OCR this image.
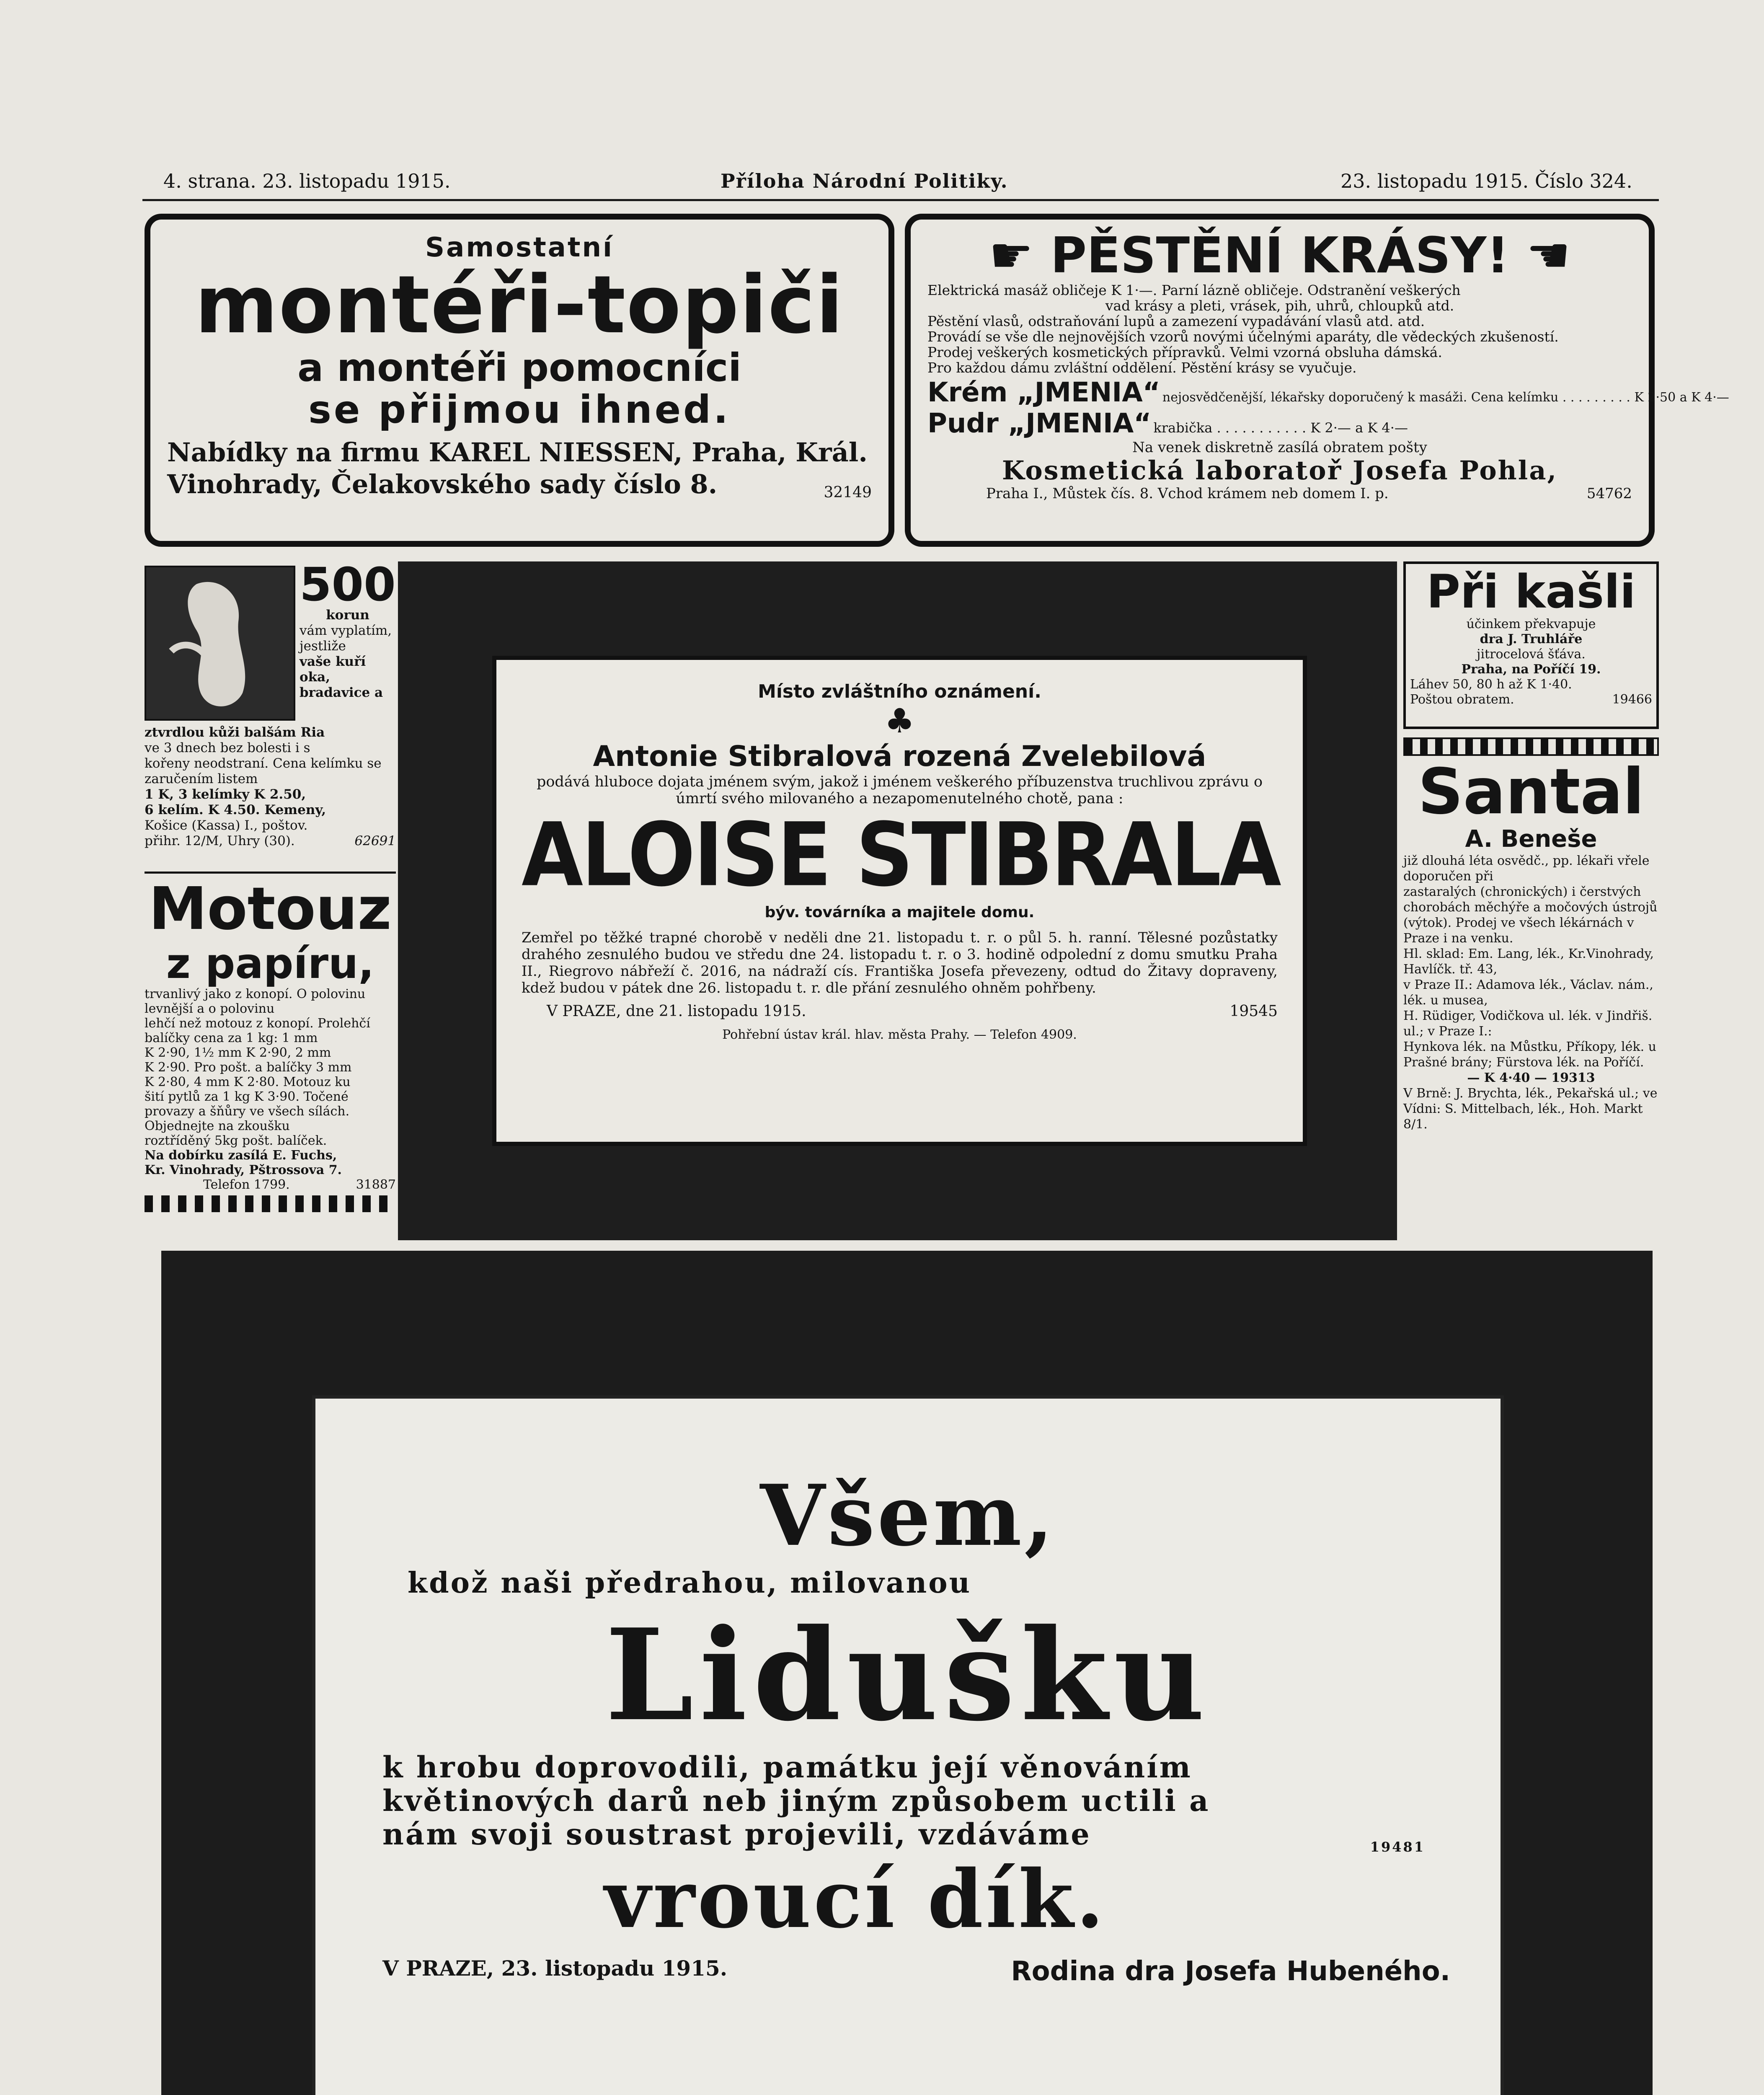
4. strana. 23. listopadu 1915.	Příloha Národní Politiky.	23. listopadu 1915. Číslo 324.
Samostatní
montéři-topiči
a montéři pomocníci
se přijmou ihned.
Nabídky na firmu KAREL NIESSEN, Praha, Král.
Vinohrady, Čelakovského sady číslo 8.	32149
☛ PĚSTĚNÍ KRÁSY! ☚
Elektrická masáž obličeje K 1·—. Parní lázně obličeje. Odstranění veškerých
vad krásy a pleti, vrásek, pih, uhrů, chloupků atd.
Pěstění vlasů, odstraňování lupů a zamezení vypadávání vlasů atd. atd.
Provádí se vše dle nejnovějších vzorů novými účelnými aparáty, dle vědeckých zkušeností.
Prodej veškerých kosmetických přípravků. Velmi vzorná obsluha dámská.
Pro každou dámu zvláštní oddělení. Pěstění krásy se vyučuje.
Krém „JMENIA“ nejosvědčenější, lékařsky doporučený k masáži. Cena kelímku . . . . . . . . . K 2·50 a K 4·—
Pudr „JMENIA“ krabička . . . . . . . . . . . K 2·— a K 4·—
Na venek diskretně zasílá obratem pošty
Kosmetická laboratoř Josefa Pohla,
Praha I., Můstek čís. 8. Vchod krámem neb domem I. p.	54762
500
korun
vám vyplatím, jestliže
vaše kuří oka, bradavice a
ztvrdlou kůži balšám Ria
ve 3 dnech bez bolesti i s
kořeny neodstraní. Cena kelímku se zaručením listem
1 K, 3 kelímky K 2.50,
6 kelím. K 4.50. Kemeny,
Košice (Kassa) I., poštov.
přihr. 12/M, Uhry (30).	62691
Motouz
z papíru,
trvanlivý jako z konopí. O polovinu levnější a o polovinu
lehčí než motouz z konopí. Prolehčí balíčky cena za 1 kg: 1 mm
K 2·90, 1½ mm K 2·90, 2 mm
K 2·90. Pro pošt. a balíčky 3 mm
K 2·80, 4 mm K 2·80. Motouz ku
šití pytlů za 1 kg K 3·90. Točené
provazy a šňůry ve všech sílách. Objednejte na zkoušku
roztříděný 5kg pošt. balíček.
Na dobírku zasílá E. Fuchs,
Kr. Vinohrady, Pštrossova 7.
Telefon 1799.	31887
Místo zvláštního oznámení.
♣
Antonie Stibralová rozená Zvelebilová
podává hluboce dojata jménem svým, jakož i jménem veškerého příbuzenstva truchlivou zprávu o úmrtí svého milovaného a nezapomenutelného chotě, pana :
ALOISE STIBRALA
býv. továrníka a majitele domu.
Zemřel po těžké trapné chorobě v neděli dne 21. listopadu t. r. o půl 5. h. ranní. Tělesné pozůstatky drahého zesnulého budou ve středu dne 24. listopadu t. r. o 3. hodině odpolední z domu smutku Praha II., Riegrovo nábřeží č. 2016, na nádraží cís. Františka Josefa převezeny, odtud do Žitavy dopraveny, kdež budou v pátek dne 26. listopadu t. r. dle přání zesnulého ohněm pohřbeny.
V PRAZE, dne 21. listopadu 1915.	19545
Pohřební ústav král. hlav. města Prahy. — Telefon 4909.
Při kašli
účinkem překvapuje
dra J. Truhláře
jitrocelová šťáva.
Praha, na Poříčí 19.
Láhev 50, 80 h až K 1·40.
Poštou obratem.	19466
Santal
A. Beneše
již dlouhá léta osvědč., pp. lékaři vřele doporučen při
zastaralých (chronických) i čerstvých chorobách měchýře a močových ústrojů
(výtok). Prodej ve všech lékárnách v Praze i na venku.
Hl. sklad: Em. Lang, lék., Kr.Vinohrady, Havlíčk. tř. 43,
v Praze II.: Adamova lék., Václav. nám., lék. u musea,
H. Rüdiger, Vodičkova ul. lék. v Jindřiš. ul.; v Praze I.:
Hynkova lék. na Můstku, Příkopy, lék. u Prašné brány; Fürstova lék. na Poříčí.
— K 4·40 — 19313
V Brně: J. Brychta, lék., Pekařská ul.; ve Vídni: S. Mittelbach, lék., Hoh. Markt 8/1.
Všem,
kdož naši předrahou, milovanou
Lidušku
k hrobu doprovodili, památku její věnováním
květinových darů neb jiným způsobem uctili a
nám svoji soustrast projevili, vzdáváme	19481
vroucí dík.
V PRAZE, 23. listopadu 1915.	Rodina dra Josefa Hubeného.
